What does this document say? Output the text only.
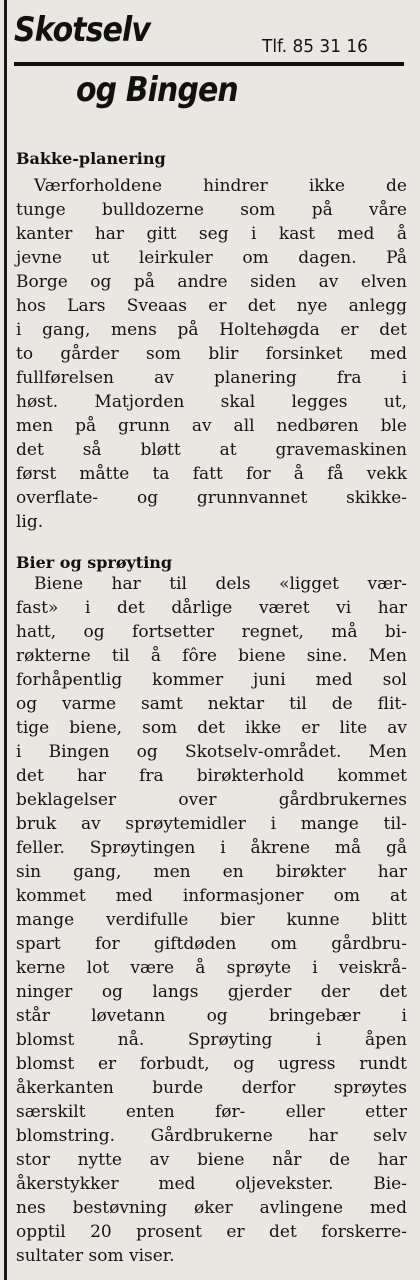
Skotselv	Tlf. 85 31 16
og Bingen
Bakke-planering
Værforholdene hindrer ikke de
tunge bulldozerne som på våre
kanter har gitt seg i kast med å
jevne ut leirkuler om dagen. På
Borge og på andre siden av elven
hos Lars Sveaas er det nye anlegg
i gang, mens på Holtehøgda er det
to gårder som blir forsinket med
fullførelsen av planering fra i
høst. Matjorden skal legges ut,
men på grunn av all nedbøren ble
det så bløtt at gravemaskinen
først måtte ta fatt for å få vekk
overflate- og grunnvannet skikke-
lig.
Bier og sprøyting
Biene har til dels «ligget vær-
fast» i det dårlige været vi har
hatt, og fortsetter regnet, må bi-
røkterne til å fôre biene sine. Men
forhåpentlig kommer juni med sol
og varme samt nektar til de flit-
tige biene, som det ikke er lite av
i Bingen og Skotselv-området. Men
det har fra birøkterhold kommet
beklagelser over gårdbrukernes
bruk av sprøytemidler i mange til-
feller. Sprøytingen i åkrene må gå
sin gang, men en birøkter har
kommet med informasjoner om at
mange verdifulle bier kunne blitt
spart for giftdøden om gårdbru-
kerne lot være å sprøyte i veiskrå-
ninger og langs gjerder der det
står løvetann og bringebær i
blomst nå. Sprøyting i åpen
blomst er forbudt, og ugress rundt
åkerkanten burde derfor sprøytes
særskilt enten før- eller etter
blomstring. Gårdbrukerne har selv
stor nytte av biene når de har
åkerstykker med oljevekster. Bie-
nes bestøvning øker avlingene med
opptil 20 prosent er det forskerre-
sultater som viser.
